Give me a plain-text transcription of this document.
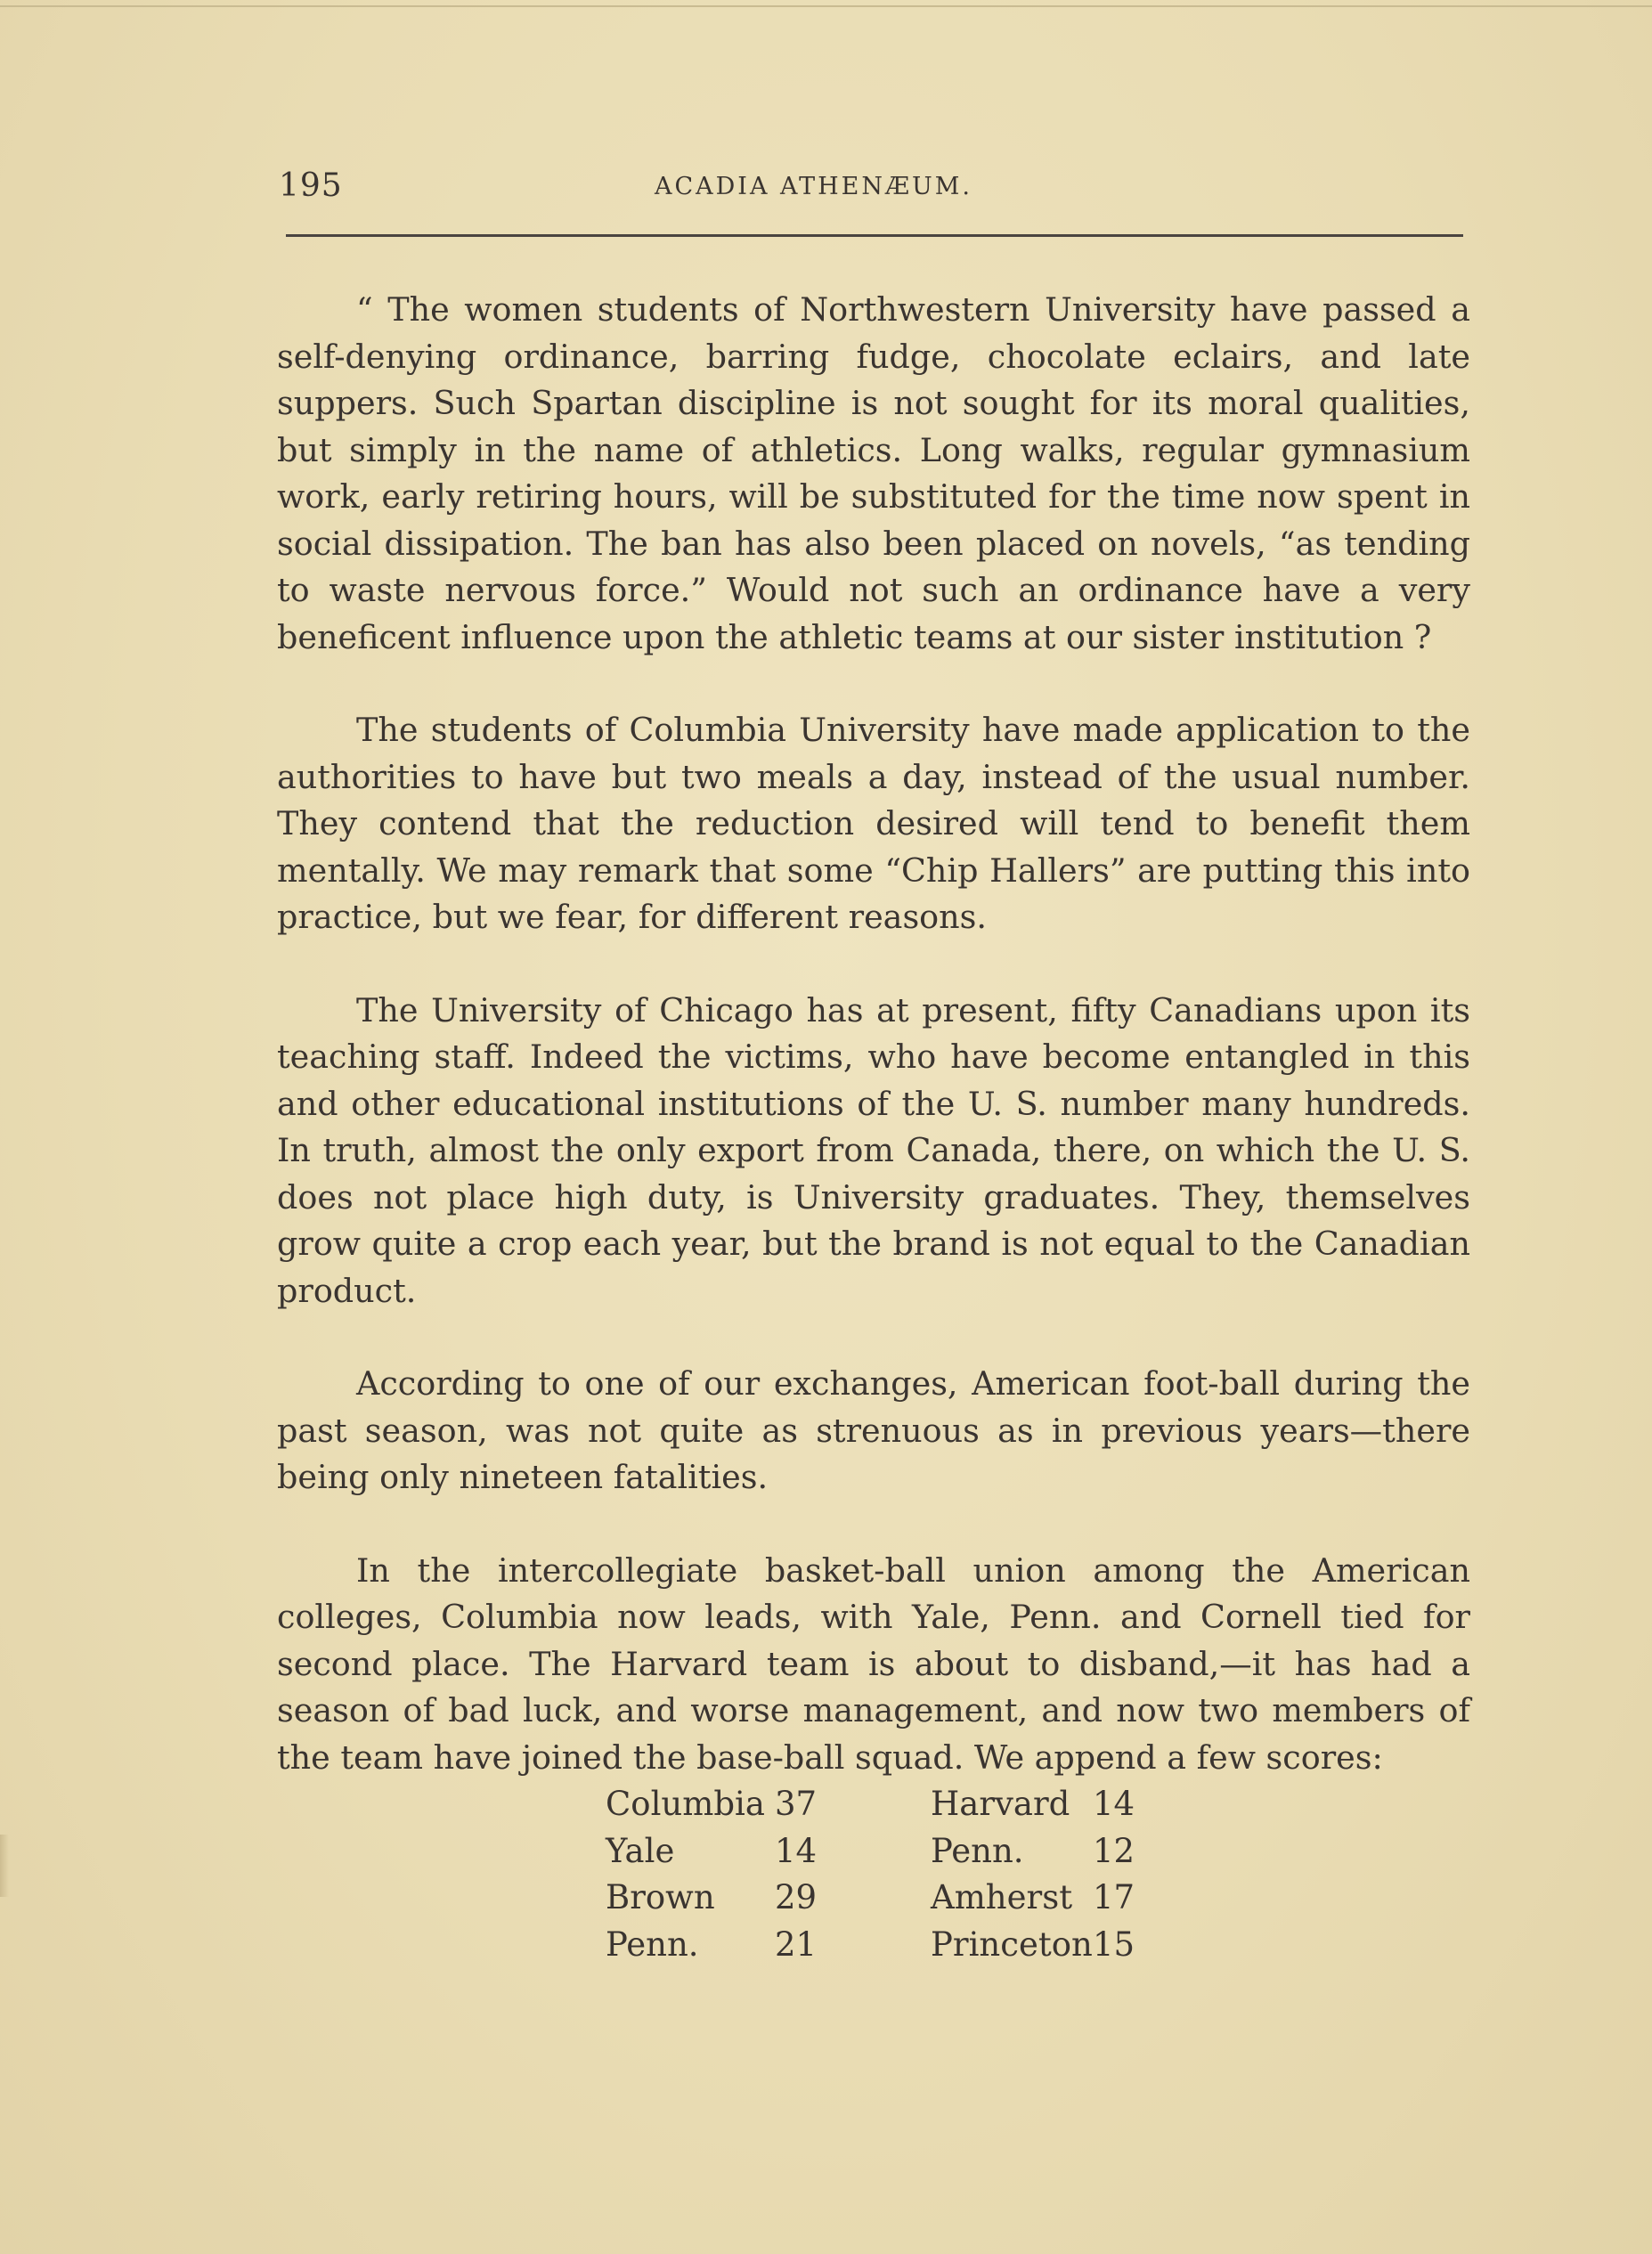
195	ACADIA ATHENÆUM.

“ The women students of Northwestern University have passed a self-denying ordinance, barring fudge, chocolate eclairs, and late suppers. Such Spartan discipline is not sought for its moral qualities, but simply in the name of athletics. Long walks, regular gymnasium work, early retiring hours, will be substituted for the time now spent in social dissipation. The ban has also been placed on novels, “as tending to waste nervous force.” Would not such an ordinance have a very beneficent influence upon the athletic teams at our sister institution ?

The students of Columbia University have made application to the authorities to have but two meals a day, instead of the usual number. They contend that the reduction desired will tend to benefit them mentally. We may remark that some “Chip Hallers” are putting this into practice, but we fear, for different reasons.

The University of Chicago has at present, fifty Canadians upon its teaching staff. Indeed the victims, who have become entangled in this and other educational institutions of the U. S. number many hundreds. In truth, almost the only export from Canada, there, on which the U. S. does not place high duty, is University graduates. They, themselves grow quite a crop each year, but the brand is not equal to the Canadian product.

According to one of our exchanges, American foot-ball during the past season, was not quite as strenuous as in previous years—there being only nineteen fatalities.

In the intercollegiate basket-ball union among the American colleges, Columbia now leads, with Yale, Penn. and Cornell tied for second place. The Harvard team is about to disband,—it has had a season of bad luck, and worse management, and now two members of the team have joined the base-ball squad. We append a few scores:

Columbia 37	Harvard 14
Yale	14	Penn.	12
Brown	29	Amherst 17
Penn.	21	Princeton 15
